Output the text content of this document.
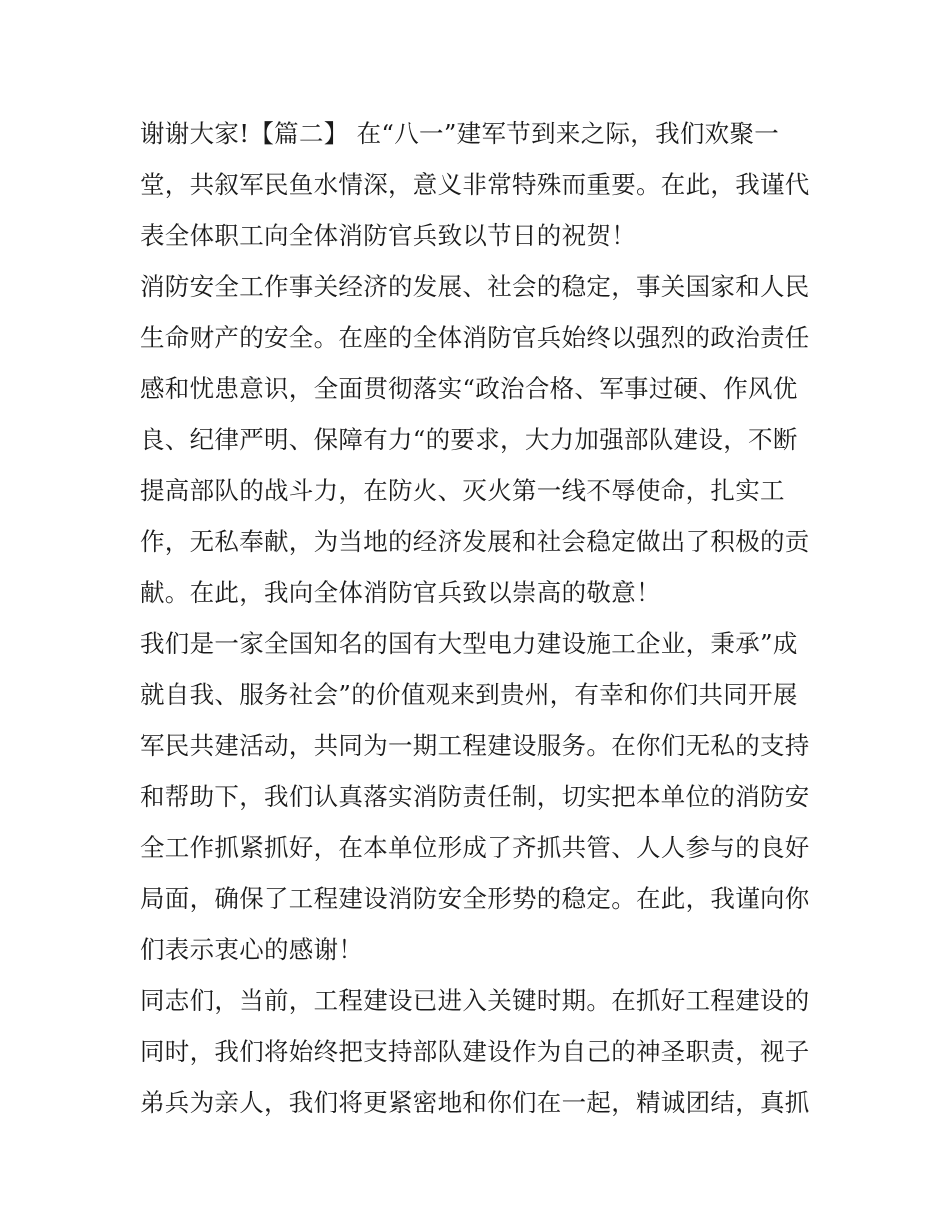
谢谢大家!【篇二】 在“八一”建军节到来之际，我们欢聚一
堂，共叙军民鱼水情深，意义非常特殊而重要。在此，我谨代
表全体职工向全体消防官兵致以节日的祝贺！
消防安全工作事关经济的发展、社会的稳定，事关国家和人民
生命财产的安全。在座的全体消防官兵始终以强烈的政治责任
感和忧患意识，全面贯彻落实“政治合格、军事过硬、作风优
良、纪律严明、保障有力“的要求，大力加强部队建设，不断
提高部队的战斗力，在防火、灭火第一线不辱使命，扎实工
作，无私奉献，为当地的经济发展和社会稳定做出了积极的贡
献。在此，我向全体消防官兵致以崇高的敬意！
我们是一家全国知名的国有大型电力建设施工企业，秉承”成
就自我、服务社会”的价值观来到贵州，有幸和你们共同开展
军民共建活动，共同为一期工程建设服务。在你们无私的支持
和帮助下，我们认真落实消防责任制，切实把本单位的消防安
全工作抓紧抓好，在本单位形成了齐抓共管、人人参与的良好
局面，确保了工程建设消防安全形势的稳定。在此，我谨向你
们表示衷心的感谢！
同志们，当前，工程建设已进入关键时期。在抓好工程建设的
同时，我们将始终把支持部队建设作为自己的神圣职责，视子
弟兵为亲人，我们将更紧密地和你们在一起，精诚团结，真抓
